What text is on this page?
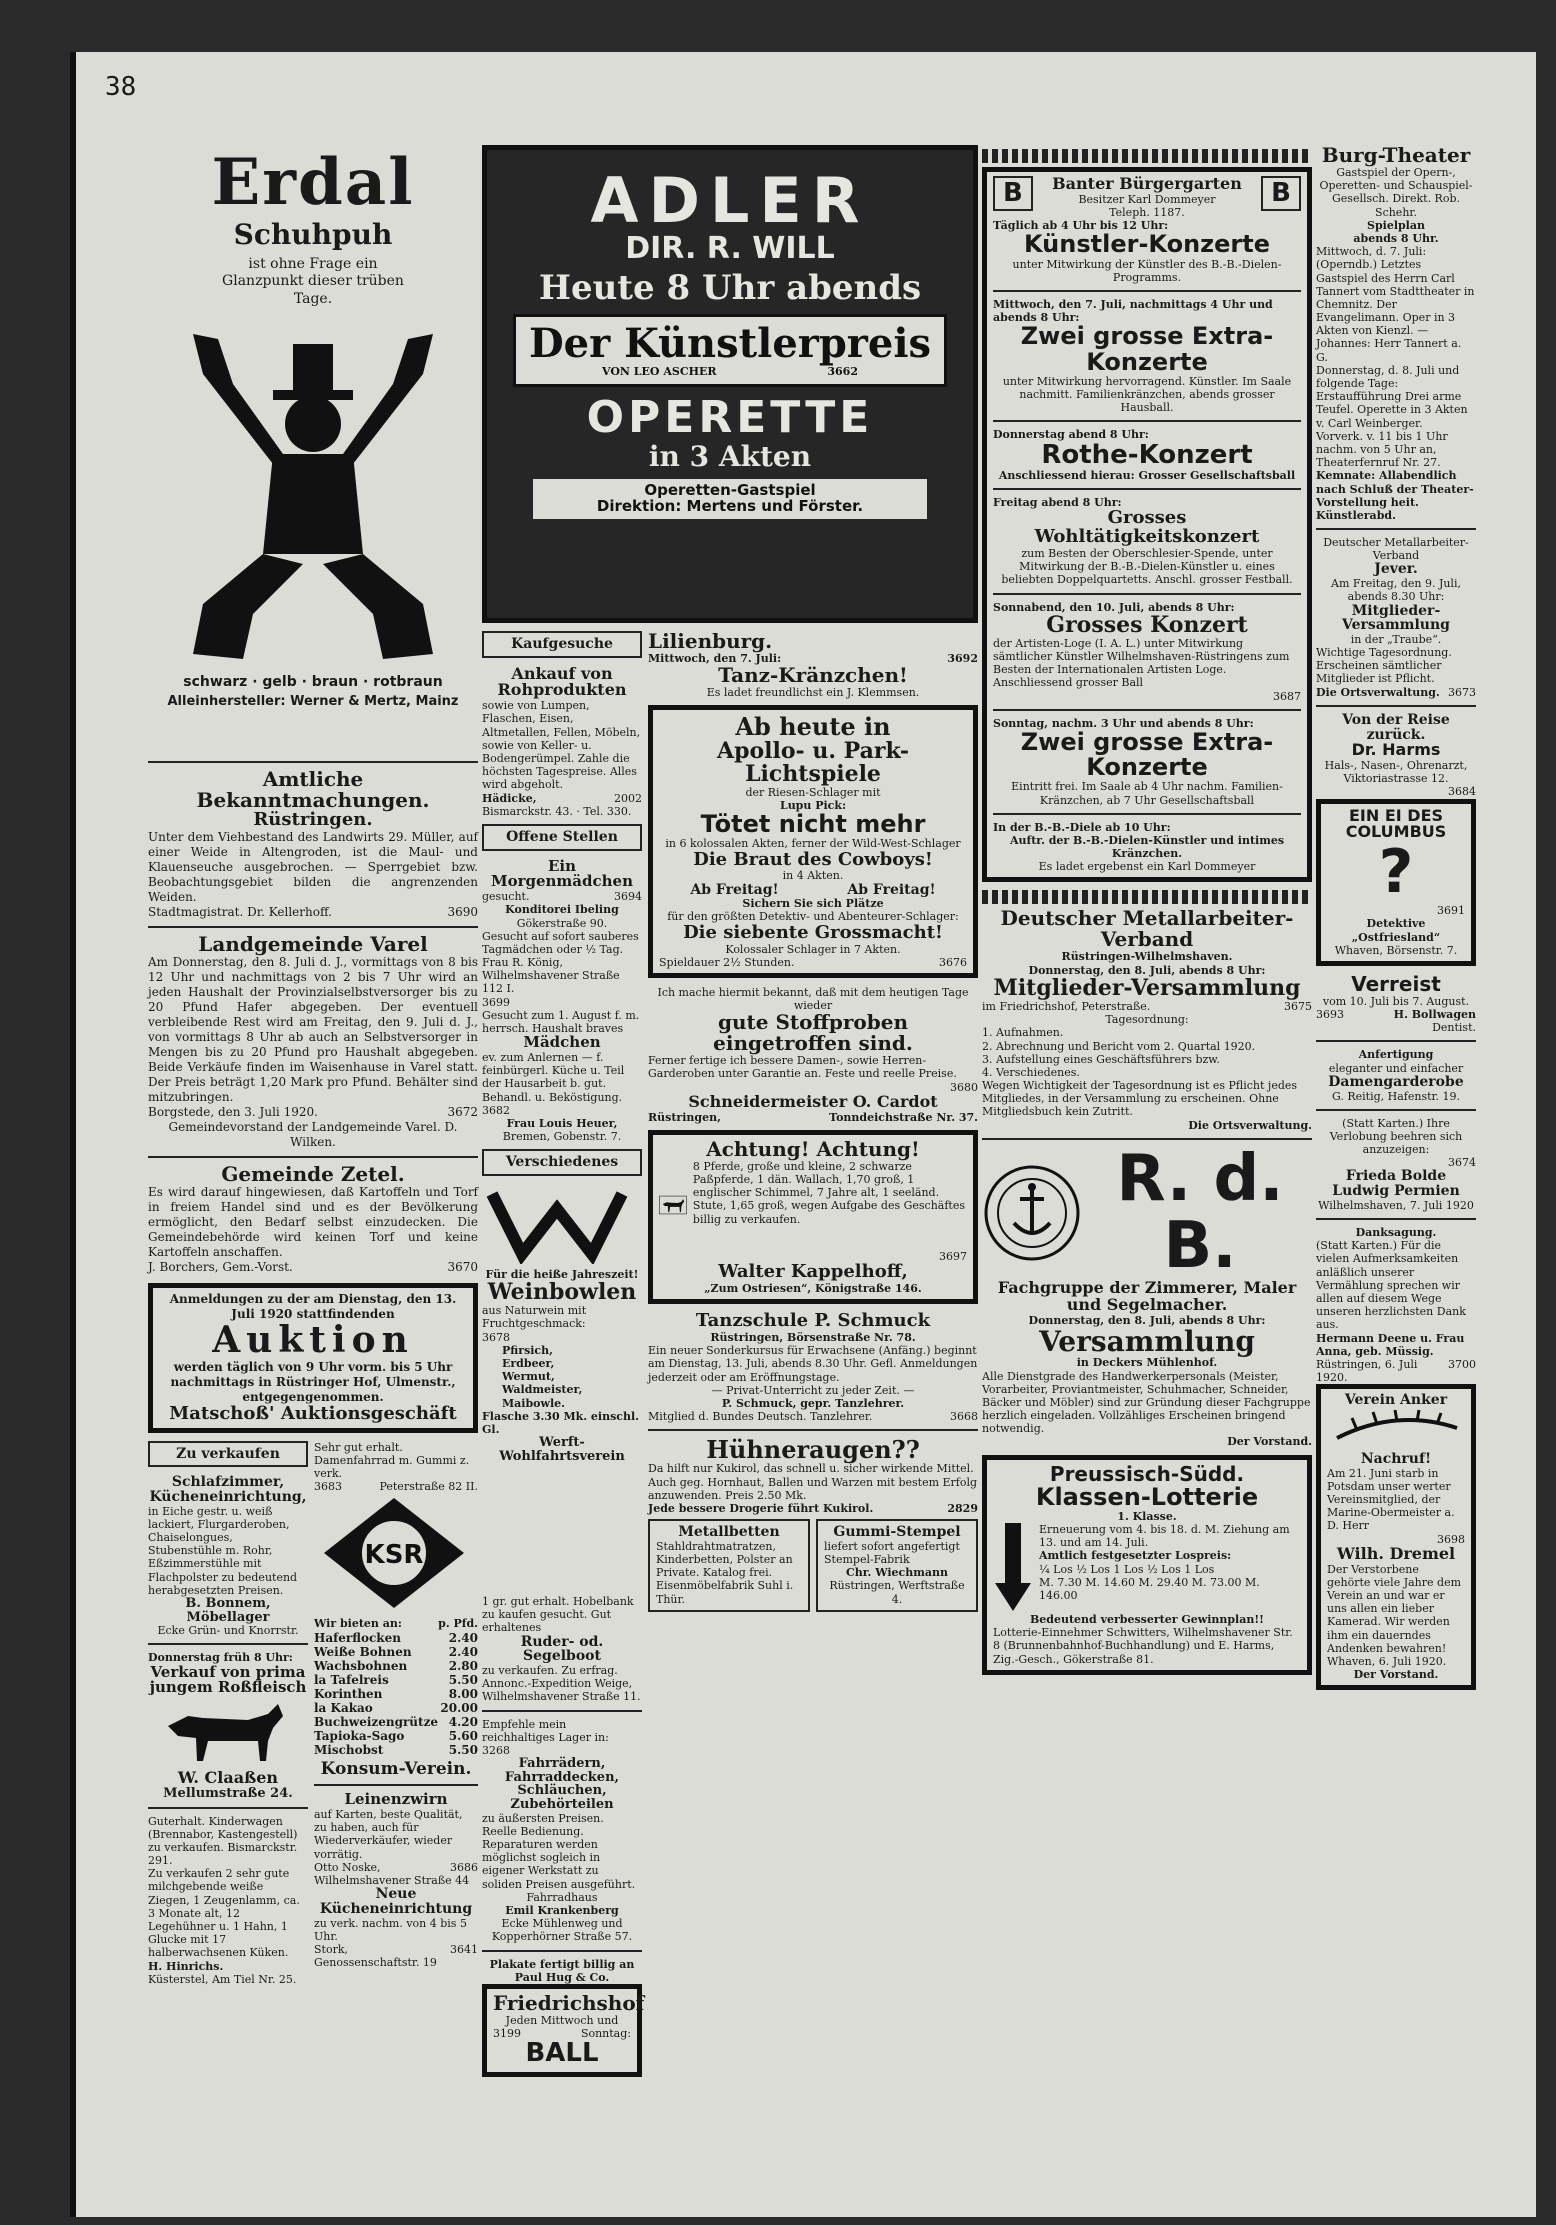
38
Erdal
Schuhpuh
ist ohne Frage ein Glanzpunkt dieser trüben Tage.
schwarz · gelb · braun · rotbraun
Alleinhersteller: Werner & Mertz, Mainz
Amtliche Bekanntmachungen.
Rüstringen.
Unter dem Viehbestand des Landwirts 29. Müller, auf einer Weide in Altengroden, ist die Maul- und Klauenseuche ausgebrochen. — Sperrgebiet bzw. Beobachtungsgebiet bilden die angrenzenden Weiden.
Stadtmagistrat. Dr. Kellerhoff.	3690
Landgemeinde Varel
Am Donnerstag, den 8. Juli d. J., vormittags von 8 bis 12 Uhr und nachmittags von 2 bis 7 Uhr wird an jeden Haushalt der Provinzialselbstversorger bis zu 20 Pfund Hafer abgegeben. Der eventuell verbleibende Rest wird am Freitag, den 9. Juli d. J., von vormittags 8 Uhr ab auch an Selbstversorger in Mengen bis zu 20 Pfund pro Haushalt abgegeben. Beide Verkäufe finden im Waisenhause in Varel statt. Der Preis beträgt 1,20 Mark pro Pfund. Behälter sind mitzubringen.
Borgstede, den 3. Juli 1920.	3672
Gemeindevorstand der Landgemeinde Varel. D. Wilken.
Gemeinde Zetel.
Es wird darauf hingewiesen, daß Kartoffeln und Torf in freiem Handel sind und es der Bevölkerung ermöglicht, den Bedarf selbst einzudecken. Die Gemeindebehörde wird keinen Torf und keine Kartoffeln anschaffen.
J. Borchers, Gem.-Vorst.	3670
Anmeldungen zu der am Dienstag, den 13. Juli 1920 stattfindenden
Auktion
werden täglich von 9 Uhr vorm. bis 5 Uhr nachmittags in Rüstringer Hof, Ulmenstr., entgegengenommen.
Matschoß' Auktionsgeschäft
Zu verkaufen
Schlafzimmer, Kücheneinrichtung,
in Eiche gestr. u. weiß lackiert, Flurgarderoben, Chaiselongues, Stubenstühle m. Rohr, Eßzimmerstühle mit Flachpolster zu bedeutend herabgesetzten Preisen.
B. Bonnem, Möbellager
Ecke Grün- und Knorrstr.
Donnerstag früh 8 Uhr:
Verkauf von prima jungem Roßfleisch
W. Claaßen
Mellumstraße 24.
Guterhalt. Kinderwagen (Brennabor, Kastengestell) zu verkaufen. Bismarckstr. 291.
Zu verkaufen 2 sehr gute milchgebende weiße Ziegen, 1 Zeugenlamm, ca. 3 Monate alt, 12 Legehühner u. 1 Hahn, 1 Glucke mit 17 halberwachsenen Küken.
H. Hinrichs.
Küsterstel, Am Tiel Nr. 25.
Sehr gut erhalt. Damenfahrrad m. Gummi z. verk.
3683	Peterstraße 82 II.
KSR
Wir bieten an:	p. Pfd.
Haferflocken	2.40
Weiße Bohnen	2.40
Wachsbohnen	2.80
la Tafelreis	5.50
Korinthen	8.00
la Kakao	20.00
Buchweizengrütze 4.20
Tapioka-Sago	5.60
Mischobst	5.50
Konsum-Verein.
Leinenzwirn
auf Karten, beste Qualität, zu haben, auch für Wiederverkäufer, wieder vorrätig.
Otto Noske,	3686
Wilhelmshavener Straße 44
Neue Kücheneinrichtung
zu verk. nachm. von 4 bis 5 Uhr.
Stork, Genossenschaftstr. 19
3641
ADLER
DIR. R. WILL
Heute 8 Uhr abends
Der Künstlerpreis
VON LEO ASCHER	3662
OPERETTE
in 3 Akten
Operetten-Gastspiel
Direktion: Mertens und Förster.
Kaufgesuche
Ankauf von Rohprodukten
sowie von Lumpen, Flaschen, Eisen, Altmetallen, Fellen, Möbeln, sowie von Keller- u. Bodengerümpel. Zahle die höchsten Tagespreise. Alles wird abgeholt.
Hädicke,	2002
Bismarckstr. 43. · Tel. 330.
Offene Stellen
Ein Morgenmädchen
gesucht.	3694
Konditorei Ibeling
Gökerstraße 90.
Gesucht auf sofort sauberes Tagmädchen oder ½ Tag. Frau R. König, Wilhelmshavener Straße 112 I.
3699
Gesucht zum 1. August f. m. herrsch. Haushalt braves
Mädchen
ev. zum Anlernen — f. feinbürgerl. Küche u. Teil der Hausarbeit b. gut. Behandl. u. Beköstigung.
3682
Frau Louis Heuer,
Bremen, Gobenstr. 7.
Verschiedenes
Für die heiße Jahreszeit!
Weinbowlen
aus Naturwein mit Fruchtgeschmack:
3678
Pfirsich,
Erdbeer,
Wermut,
Waldmeister,
Maibowle.
Flasche 3.30 Mk. einschl. Gl.
Werft-Wohlfahrtsverein
Lilienburg.
Mittwoch, den 7. Juli:	3692
Tanz-Kränzchen!
Es ladet freundlichst ein J. Klemmsen.
Ab heute in
Apollo- u. Park-Lichtspiele
der Riesen-Schlager mit
Lupu Pick:
Tötet nicht mehr
in 6 kolossalen Akten, ferner der Wild-West-Schlager
Die Braut des Cowboys!
in 4 Akten.
Ab Freitag!	Ab Freitag!
Sichern Sie sich Plätze
für den größten Detektiv- und Abenteurer-Schlager:
Die siebente Grossmacht!
Kolossaler Schlager in 7 Akten.
Spieldauer 2½ Stunden.	3676
Ich mache hiermit bekannt, daß mit dem heutigen Tage wieder
gute Stoffproben eingetroffen sind.
Ferner fertige ich bessere Damen-, sowie Herren-Garderoben unter Garantie an. Feste und reelle Preise.
3680
Schneidermeister O. Cardot
Rüstringen,	Tonndeichstraße Nr. 37.
Achtung! Achtung!
8 Pferde, große und kleine, 2 schwarze Paßpferde, 1 dän. Wallach, 1,70 groß, 1 englischer Schimmel, 7 Jahre alt, 1 seeländ. Stute, 1,65 groß, wegen Aufgabe des Geschäftes billig zu verkaufen.
3697
Walter Kappelhoff,
„Zum Ostriesen“, Königstraße 146.
Tanzschule P. Schmuck
Rüstringen, Börsenstraße Nr. 78.
Ein neuer Sonderkursus für Erwachsene (Anfäng.) beginnt am Dienstag, 13. Juli, abends 8.30 Uhr. Gefl. Anmeldungen jederzeit oder am Eröffnungstage.
— Privat-Unterricht zu jeder Zeit. —
P. Schmuck, gepr. Tanzlehrer.
Mitglied d. Bundes Deutsch. Tanzlehrer.	3668
Hühneraugen??
Da hilft nur Kukirol, das schnell u. sicher wirkende Mittel. Auch geg. Hornhaut, Ballen und Warzen mit bestem Erfolg anzuwenden. Preis 2.50 Mk.
Jede bessere Drogerie führt Kukirol.	2829
Metallbetten
Stahldrahtmatratzen, Kinderbetten, Polster an Private. Katalog frei. Eisenmöbelfabrik Suhl i. Thür.
Gummi-Stempel
liefert sofort angefertigt Stempel-Fabrik
Chr. Wiechmann
Rüstringen, Werftstraße 4.
1 gr. gut erhalt. Hobelbank zu kaufen gesucht. Gut erhaltenes
Ruder- od. Segelboot
zu verkaufen. Zu erfrag. Annonc.-Expedition Weige, Wilhelmshavener Straße 11.
Empfehle mein reichhaltiges Lager in:
3268
Fahrrädern, Fahrraddecken, Schläuchen, Zubehörteilen
zu äußersten Preisen. Reelle Bedienung. Reparaturen werden möglichst sogleich in eigener Werkstatt zu soliden Preisen ausgeführt.
Fahrradhaus
Emil Krankenberg
Ecke Mühlenweg und Kopperhörner Straße 57.
Plakate fertigt billig an
Paul Hug & Co.
Friedrichshof
Jeden Mittwoch und
3199	Sonntag:
BALL
B	Banter Bürgergarten
Besitzer Karl Dommeyer
Teleph. 1187.
B
Täglich ab 4 Uhr bis 12 Uhr:
Künstler-Konzerte
unter Mitwirkung der Künstler des B.-B.-Dielen-Programms.
Mittwoch, den 7. Juli, nachmittags 4 Uhr und abends 8 Uhr:
Zwei grosse Extra-Konzerte
unter Mitwirkung hervorragend. Künstler. Im Saale nachmitt. Familienkränzchen, abends grosser Hausball.
Donnerstag abend 8 Uhr:
Rothe-Konzert
Anschliessend hierau: Grosser Gesellschaftsball
Freitag abend 8 Uhr:
Grosses Wohltätigkeitskonzert
zum Besten der Oberschlesier-Spende, unter Mitwirkung der B.-B.-Dielen-Künstler u. eines beliebten Doppelquartetts. Anschl. grosser Festball.
Sonnabend, den 10. Juli, abends 8 Uhr:
Grosses Konzert
der Artisten-Loge (I. A. L.) unter Mitwirkung sämtlicher Künstler Wilhelmshaven-Rüstringens zum Besten der Internationalen Artisten Loge. Anschliessend grosser Ball
3687
Sonntag, nachm. 3 Uhr und abends 8 Uhr:
Zwei grosse Extra-Konzerte
Eintritt frei. Im Saale ab 4 Uhr nachm. Familien-Kränzchen, ab 7 Uhr Gesellschaftsball
In der B.-B.-Diele ab 10 Uhr:
Auftr. der B.-B.-Dielen-Künstler und intimes Kränzchen.
Es ladet ergebenst ein Karl Dommeyer
Deutscher Metallarbeiter-Verband
Rüstringen-Wilhelmshaven.
Donnerstag, den 8. Juli, abends 8 Uhr:
Mitglieder-Versammlung
im Friedrichshof, Peterstraße.	3675
Tagesordnung:
1. Aufnahmen.
2. Abrechnung und Bericht vom 2. Quartal 1920.
3. Aufstellung eines Geschäftsführers bzw.
4. Verschiedenes.
Wegen Wichtigkeit der Tagesordnung ist es Pflicht jedes Mitgliedes, in der Versammlung zu erscheinen. Ohne Mitgliedsbuch kein Zutritt.
Die Ortsverwaltung.
R. d. B.
Fachgruppe der Zimmerer, Maler und Segelmacher.
Donnerstag, den 8. Juli, abends 8 Uhr:
Versammlung
in Deckers Mühlenhof.
Alle Dienstgrade des Handwerkerpersonals (Meister, Vorarbeiter, Proviantmeister, Schuhmacher, Schneider, Bäcker und Möbler) sind zur Gründung dieser Fachgruppe herzlich eingeladen. Vollzähliges Erscheinen bringend notwendig.
Der Vorstand.
Preussisch-Südd.
Klassen-Lotterie
1. Klasse.
Erneuerung vom 4. bis 18. d. M. Ziehung am 13. und am 14. Juli.
Amtlich festgesetzter Lospreis:
¼ Los ½ Los 1 Los ½ Los 1 Los
M. 7.30 M. 14.60 M. 29.40 M. 73.00 M. 146.00
Bedeutend verbesserter Gewinnplan!!
Lotterie-Einnehmer Schwitters, Wilhelmshavener Str. 8 (Brunnenbahnhof-Buchhandlung) und E. Harms, Zig.-Gesch., Gökerstraße 81.
Burg-Theater
Gastspiel der Opern-, Operetten- und Schauspiel-Gesellsch. Direkt. Rob. Schehr.
Spielplan
abends 8 Uhr.
Mittwoch, d. 7. Juli: (Operndb.) Letztes Gastspiel des Herrn Carl Tannert vom Stadttheater in Chemnitz. Der Evangelimann. Oper in 3 Akten von Kienzl. — Johannes: Herr Tannert a. G.
Donnerstag, d. 8. Juli und folgende Tage: Erstaufführung Drei arme Teufel. Operette in 3 Akten v. Carl Weinberger.
Vorverk. v. 11 bis 1 Uhr nachm. von 5 Uhr an, Theaterfernruf Nr. 27.
Kemnate: Allabendlich nach Schluß der Theater-Vorstellung heit. Künstlerabd.
Deutscher Metallarbeiter-Verband
Jever.
Am Freitag, den 9. Juli, abends 8.30 Uhr:
Mitglieder-Versammlung
in der „Traube“.
Wichtige Tagesordnung. Erscheinen sämtlicher Mitglieder ist Pflicht.
Die Ortsverwaltung. 3673
Von der Reise zurück.
Dr. Harms
Hals-, Nasen-, Ohrenarzt,
Viktoriastrasse 12.
3684
EIN EI DES COLUMBUS
?
3691
Detektive
„Ostfriesland“
Whaven, Börsenstr. 7.
Verreist
vom 10. Juli bis 7. August.
3693	H. Bollwagen
Dentist.
Anfertigung
eleganter und einfacher
Damengarderobe
G. Reitig, Hafenstr. 19.
(Statt Karten.) Ihre Verlobung beehren sich anzuzeigen:
3674
Frieda Bolde
Ludwig Permien
Wilhelmshaven, 7. Juli 1920
Danksagung.
(Statt Karten.) Für die vielen Aufmerksamkeiten anläßlich unserer Vermählung sprechen wir allen auf diesem Wege unseren herzlichsten Dank aus.
Hermann Deene u. Frau Anna, geb. Müssig.
Rüstringen, 6. Juli 1920.
3700
Verein Anker
Nachruf!
Am 21. Juni starb in Potsdam unser werter Vereinsmitglied, der Marine-Obermeister a. D. Herr
3698
Wilh. Dremel
Der Verstorbene gehörte viele Jahre dem Verein an und war er uns allen ein lieber Kamerad. Wir werden ihm ein dauerndes Andenken bewahren!
Whaven, 6. Juli 1920.
Der Vorstand.
